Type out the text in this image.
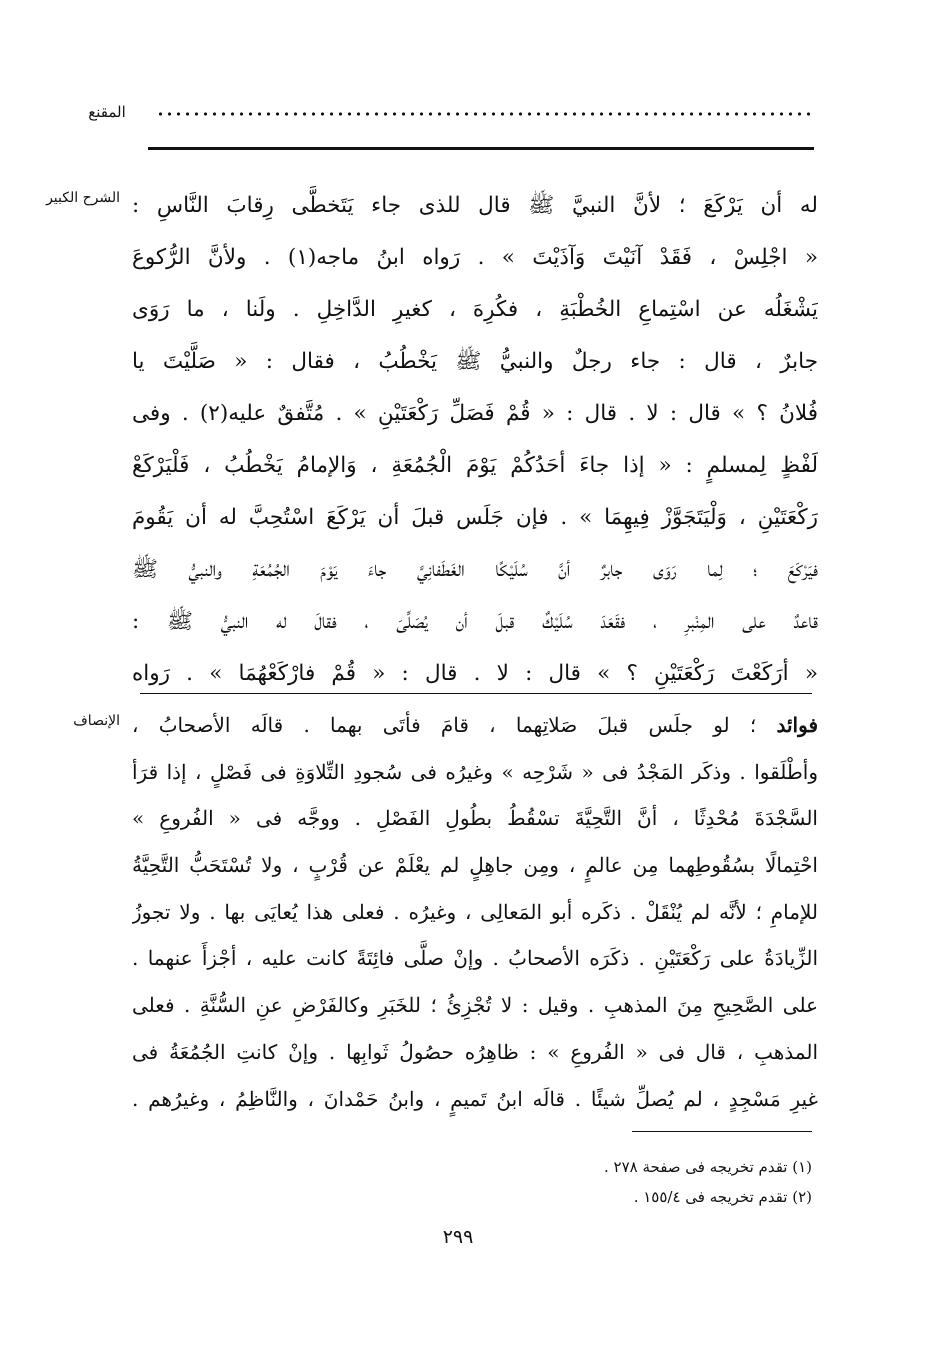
المقنع
الشرح الكبير له أن يَرْكَعَ ؛ لأنَّ النبيَّ ﷺ قال للذى جاء يَتَخطَّى رِقابَ النَّاسِ :
« اجْلِسْ ، فَقَدْ آنَيْتَ وَآذَيْتَ » . رَواه ابنُ ماجه(١) . ولأنَّ الرُّكوعَ
يَشْغَلُه عن اسْتِماعِ الخُطْبَةِ ، فكُرِهَ ، كغيرِ الدَّاخِلِ . ولَنا ، ما رَوَى
جابرٌ ، قال : جاء رجلٌ والنبيُّ ﷺ يَخْطُبُ ، فقال : « صَلَّيْتَ يا
فُلانُ ؟ » قال : لا . قال : « قُمْ فَصَلِّ رَكْعَتَيْنِ » . مُتَّفقٌ عليه(٢) . وفى
لَفْظٍ لِمسلمٍ : « إذا جاءَ أحَدُكُمْ يَوْمَ الْجُمُعَةِ ، وَالإمامُ يَخْطُبُ ، فَلْيَرْكَعْ
رَكْعَتَيْنِ ، وَلْيَتَجَوَّزْ فِيهِمَا » . فإن جَلَس قبلَ أن يَرْكَعَ اسْتُحِبَّ له أن يَقُومَ
فيَرْكَعَ ؛ لِما رَوَى جابرٌ أنَّ سُلَيْكًا الغَطَفانِيَّ جاءَ يَوْمَ الجُمُعَةِ والنبيُّ ﷺ
قاعدٌ على المِنْبرِ ، فقَعَدَ سُلَيْكٌ قبلَ أن يُصَلِّىَ ، فقالَ له النبيُّ ﷺ :
« أرَكَعْتَ رَكْعَتَيْنِ ؟ » قال : لا . قال : « قُمْ فارْكَعْهُمَا » . رَواه
الإنصاف	فوائد ؛ لو جلَس قبلَ صَلاتِهما ، قامَ فأتَى بهما . قالَه الأصحابُ ،
وأطْلَقوا . وذكَر المَجْدُ فى « شَرْحِه » وغيرُه فى سُجودِ التِّلاوَةِ فى فَصْلٍ ، إذا قرَأ
السَّجْدَةَ مُحْدِثًا ، أنَّ التَّحِيَّةَ تسْقُطُ بطُولِ الفَصْلِ . ووجَّه فى « الفُروعِ »
احْتِمالًا بسُقُوطِهما مِن عالمٍ ، ومِن جاهِلٍ لم يعْلَمْ عن قُرْبٍ ، ولا تُسْتَحَبُّ التَّحِيَّةُ
للإمامِ ؛ لأنَّه لم يُنْقَلْ . ذكَره أبو المَعالِى ، وغيرُه . فعلى هذا يُعايَى بها . ولا تجوزُ
الزِّيادَةُ على رَكْعَتَيْنِ . ذكَرَه الأصحابُ . وإنْ صلَّى فائِتَةً كانت عليه ، أجْزأَ عنهما .
على الصَّحِيحِ مِنَ المذهبِ . وقيل : لا تُجْزِئُ ؛ للخَبَرِ وكالفَرْضِ عنِ السُّنَّةِ . فعلى
المذهبِ ، قال فى « الفُروعِ » : ظاهِرُه حصُولُ ثَوابِها . وإنْ كانتِ الجُمُعَةُ فى
غيرِ مَسْجِدٍ ، لم يُصلِّ شيئًا . قالَه ابنُ تَميمٍ ، وابنُ حَمْدانَ ، والنَّاظِمُ ، وغيرُهم .
(١) تقدم تخريجه فى صفحة ٢٧٨ .
(٢) تقدم تخريجه فى ١٥٥/٤ .
٢٩٩
